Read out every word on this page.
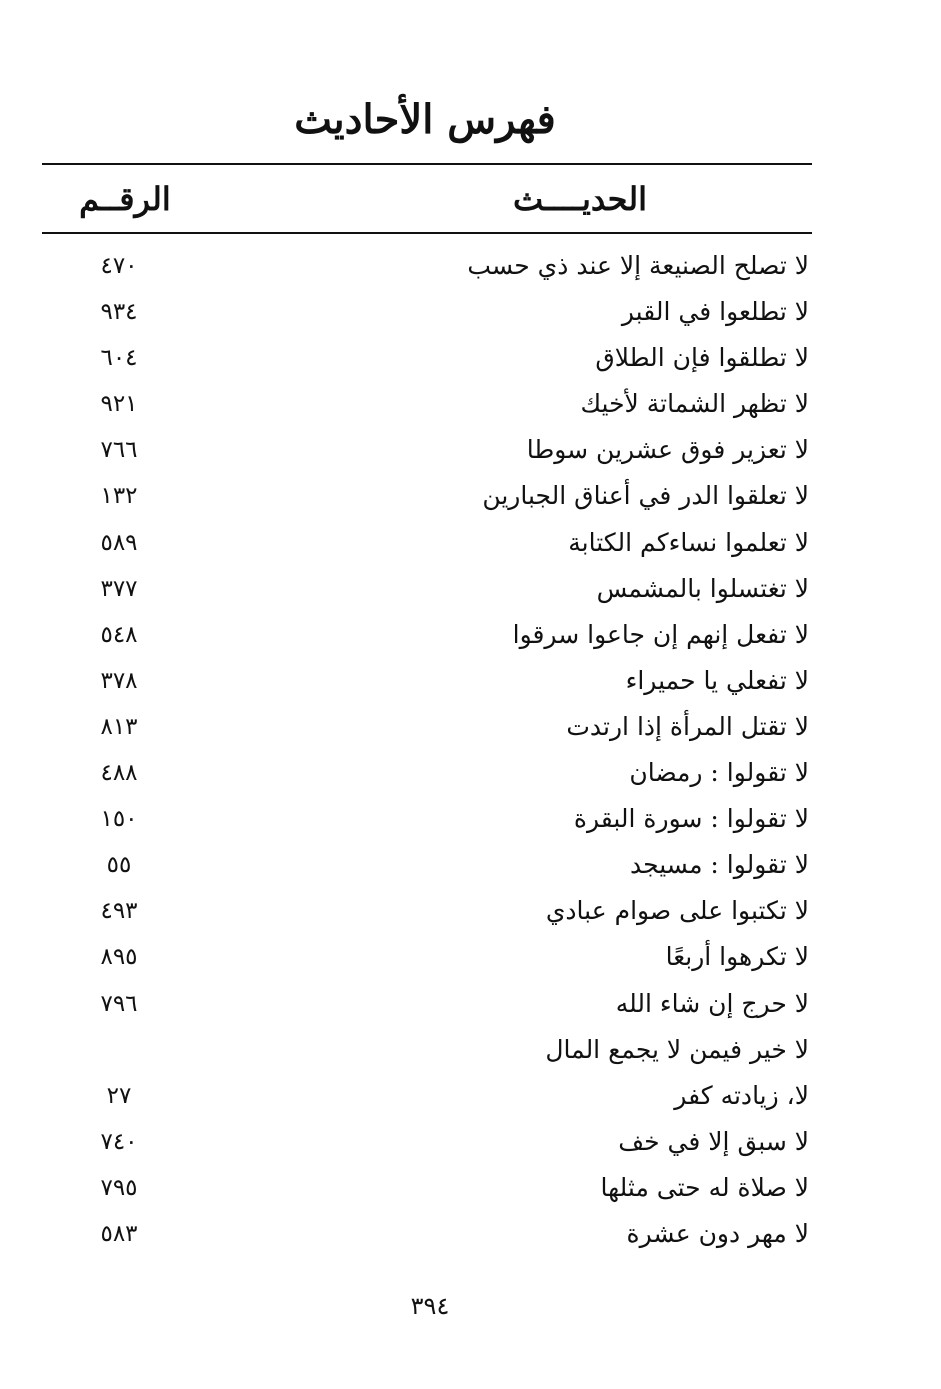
فهرس الأحاديث
الحديــــث
الرقــم
لا تصلح الصنيعة إلا عند ذي حسب
٤٧٠
لا تطلعوا في القبر
٩٣٤
لا تطلقوا فإن الطلاق
٦٠٤
لا تظهر الشماتة لأخيك
٩٢١
لا تعزير فوق عشرين سوطا
٧٦٦
لا تعلقوا الدر في أعناق الجبارين
١٣٢
لا تعلموا نساءكم الكتابة
٥٨٩
لا تغتسلوا بالمشمس
٣٧٧
لا تفعل إنهم إن جاعوا سرقوا
٥٤٨
لا تفعلي يا حميراء
٣٧٨
لا تقتل المرأة إذا ارتدت
٨١٣
لا تقولوا : رمضان
٤٨٨
لا تقولوا : سورة البقرة
١٥٠
لا تقولوا : مسيجد
٥٥
لا تكتبوا على صوام عبادي
٤٩٣
لا تكرهوا أربعًا
٨٩٥
لا حرج إن شاء الله
٧٩٦
لا خير فيمن لا يجمع المال
لا، زيادته كفر
٢٧
لا سبق إلا في خف
٧٤٠
لا صلاة له حتى مثلها
٧٩٥
لا مهر دون عشرة
٥٨٣
٣٩٤
